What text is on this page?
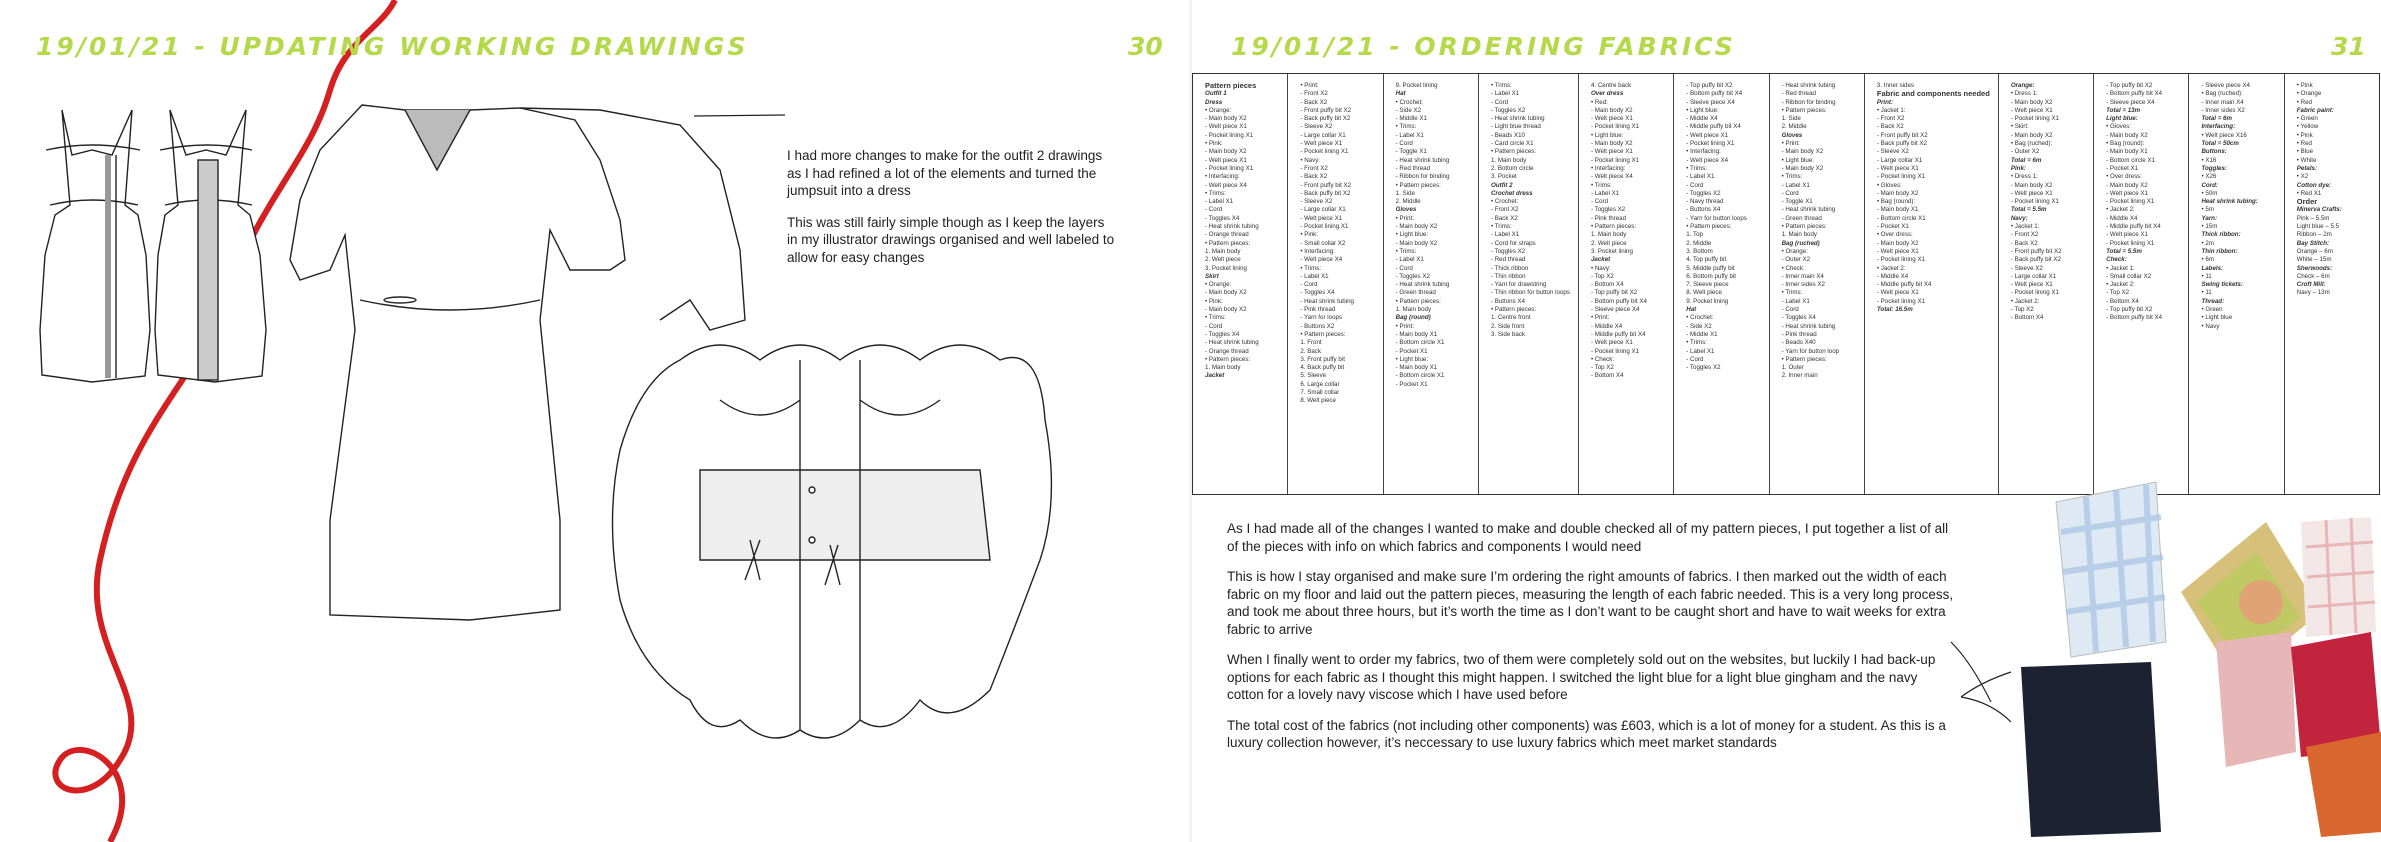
19/01/21 - UPDATING WORKING DRAWINGS	30

I had more changes to make for the outfit 2 drawings as I had refined a lot of the elements and turned the jumpsuit into a dress

This was still fairly simple though as I keep the layers in my illustrator drawings organised and well labeled to allow for easy changes

19/01/21 - ORDERING FABRICS	31
Pattern pieces
Outfit 1
Dress
• Orange:
- Main body X2
- Welt piece X1
- Pocket lining X1
• Pink:
- Main body X2
- Welt piece X1
- Pocket lining X1
• Interfacing:
- Welt piece X4
• Trims:
- Label X1
- Cord
- Toggles X4
- Heat shrink tubing
- Orange thread
• Pattern pieces:
1. Main body
2. Welt piece
3. Pocket lining
Skirt
• Orange:
- Main body X2
• Pink:
- Main body X2
• Trims:
- Cord
- Toggles X4
- Heat shrink tubing
- Orange thread
• Pattern pieces:
1. Main body
Jacket
• Print:
- Front X2
- Back X2
- Front puffy bit X2
- Back puffy bit X2
- Sleeve X2
- Large collar X1
- Welt piece X1
- Pocket lining X1
• Navy:
- Front X2
- Back X2
- Front puffy bit X2
- Back puffy bit X2
- Sleeve X2
- Large collar X1
- Welt piece X1
- Pocket lining X1
• Pink:
- Small collar X2
• Interfacing:
- Welt piece X4
• Trims:
- Label X1
- Cord
- Toggles X4
- Heat shrink tubing
- Pink thread
- Yarn for loops
- Buttons X2
• Pattern pieces:
1. Front
2. Back
3. Front puffy bit
4. Back puffy bit
5. Sleeve
6. Large collar
7. Small collar
8. Welt piece
9. Pocket lining
Hat
• Crochet:
- Side X2
- Middle X1
• Trims:
- Label X1
- Cord
- Toggle X1
- Heat shrink tubing
- Red thread
- Ribbon for binding
• Pattern pieces:
1. Side
2. Middle
Gloves
• Print:
- Main body X2
• Light blue:
- Main body X2
• Trims:
- Label X1
- Cord
- Toggles X2
- Heat shrink tubing
- Green thread
• Pattern pieces:
1. Main body
Bag (round)
• Print:
- Main body X1
- Bottom circle X1
- Pocket X1
• Light blue:
- Main body X1
- Bottom circle X1
- Pocket X1
• Trims:
- Label X1
- Cord
- Toggles X2
- Heat shrink tubing
- Light blue thread
- Beads X10
- Card circle X1
• Pattern pieces:
1. Main body
2. Bottom circle
3. Pocket
Outfit 2
Crochet dress
• Crochet:
- Front X2
- Back X2
• Trims:
- Label X1
- Cord for straps
- Toggles X2
- Red thread
- Thick ribbon
- Thin ribbon
- Yarn for drawstring
- Thin ribbon for button loops
- Buttons X4
• Pattern pieces:
1. Centre front
2. Side front
3. Side back
4. Centre back
Over dress
• Red:
- Main body X2
- Welt piece X1
- Pocket lining X1
• Light blue:
- Main body X2
- Welt piece X1
- Pocket lining X1
• Interfacing:
- Welt piece X4
• Trims:
- Label X1
- Cord
- Toggles X2
- Pink thread
• Pattern pieces:
1. Main body
2. Welt piece
3. Pocket lining
Jacket
• Navy:
- Top X2
- Bottom X4
- Top puffy bit X2
- Bottom puffy bit X4
- Sleeve piece X4
• Print:
- Middle X4
- Middle puffy bit X4
- Welt piece X1
- Pocket lining X1
• Check:
- Top X2
- Bottom X4
- Top puffy bit X2
- Bottom puffy bit X4
- Sleeve piece X4
• Light blue:
- Middle X4
- Middle puffy bit X4
- Welt piece X1
- Pocket lining X1
• Interfacing:
- Welt piece X4
• Trims:
- Label X1
- Cord
- Toggles X2
- Navy thread
- Buttons X4
- Yarn for button loops
• Pattern pieces:
1. Top
2. Middle
3. Bottom
4. Top puffy bit
5. Middle puffy bit
6. Bottom puffy bit
7. Sleeve piece
8. Welt piece
9. Pocket lining
Hat
• Crochet:
- Side X2
- Middle X1
• Trims:
- Label X1
- Cord
- Toggles X2
- Heat shrink tubing
- Red thread
- Ribbon for binding
• Pattern pieces:
1. Side
2. Middle
Gloves
• Print:
- Main body X2
• Light blue:
- Main body X2
• Trims:
- Label X1
- Cord
- Toggle X1
- Heat shrink tubing
- Green thread
• Pattern pieces:
1. Main body
Bag (ruched)
• Orange:
- Outer X2
• Check:
- Inner main X4
- Inner sides X2
• Trims:
- Label X1
- Cord
- Toggles X4
- Heat shrink tubing
- Pink thread
- Beads X40
- Yarn for button loop
• Pattern pieces:
1. Outer
2. Inner main
3. Inner sides
Fabric and components needed
Print:
• Jacket 1:
- Front X2
- Back X2
- Front puffy bit X2
- Back puffy bit X2
- Sleeve X2
- Large collar X1
- Welt piece X1
- Pocket lining X1
• Gloves:
- Main body X2
• Bag (round):
- Main body X1
- Bottom circle X1
- Pocket X1
• Over dress:
- Main body X2
- Welt piece X1
- Pocket lining X1
• Jacket 2:
- Middle X4
- Middle puffy bit X4
- Welt piece X1
- Pocket lining X1
Total: 16.5m
Orange:
• Dress 1:
- Main body X2
- Welt piece X1
- Pocket lining X1
• Skirt:
- Main body X2
• Bag (ruched):
- Outer X2
Total = 6m
Pink:
• Dress 1:
- Main body X2
- Welt piece X1
- Pocket lining X1
Total = 5.5m
Navy:
• Jacket 1:
- Front X2
- Back X2
- Front puffy bit X2
- Back puffy bit X2
- Sleeve X2
- Large collar X1
- Welt piece X1
- Pocket lining X1
• Jacket 2:
- Top X2
- Bottom X4
- Top puffy bit X2
- Bottom puffy bit X4
- Sleeve piece X4
Total = 13m
Light blue:
• Gloves:
- Main body X2
• Bag (round):
- Main body X1
- Bottom circle X1
- Pocket X1
• Over dress:
- Main body X2
- Welt piece X1
- Pocket lining X1
• Jacket 2:
- Middle X4
- Middle puffy bit X4
- Welt piece X1
- Pocket lining X1
Total = 5.5m
Check:
• Jacket 1:
- Small collar X2
• Jacket 2:
- Top X2
- Bottom X4
- Top puffy bit X2
- Bottom puffy bit X4
- Sleeve piece X4
• Bag (ruched):
- Inner main X4
- Inner sides X2
Total = 6m
Interfacing:
• Welt piece X16
Total = 50cm
Buttons:
• X16
Toggles:
• X26
Cord:
• 50m
Heat shrink tubing:
• 5m
Yarn:
• 15m
Thick ribbon:
• 2m
Thin ribbon:
• 6m
Labels:
• 11
Swing tickets:
• 11
Thread:
• Green
• Light blue
• Navy
• Pink
• Orange
• Red
Fabric paint:
• Green
• Yellow
• Pink
• Red
• Blue
• White
Petals:
• X2
Cotton dye:
• Red X1
Order
Minerva Crafts:
Pink – 5.5m
Light blue – 5.5
Ribbon – 2m
Bay Stitch:
Orange – 6m
White – 15m
Sherwoods:
Check – 6m
Croft Mill:
Navy – 13m

As I had made all of the changes I wanted to make and double checked all of my pattern pieces, I put together a list of all of the pieces with info on which fabrics and components I would need

This is how I stay organised and make sure I’m ordering the right amounts of fabrics. I then marked out the width of each fabric on my floor and laid out the pattern pieces, measuring the length of each fabric needed. This is a very long process, and took me about three hours, but it’s worth the time as I don’t want to be caught short and have to wait weeks for extra fabric to arrive

When I finally went to order my fabrics, two of them were completely sold out on the websites, but luckily I had back-up options for each fabric as I thought this might happen. I switched the light blue for a light blue gingham and the navy cotton for a lovely navy viscose which I have used before

The total cost of the fabrics (not including other components) was £603, which is a lot of money for a student. As this is a luxury collection however, it’s neccessary to use luxury fabrics which meet market standards
